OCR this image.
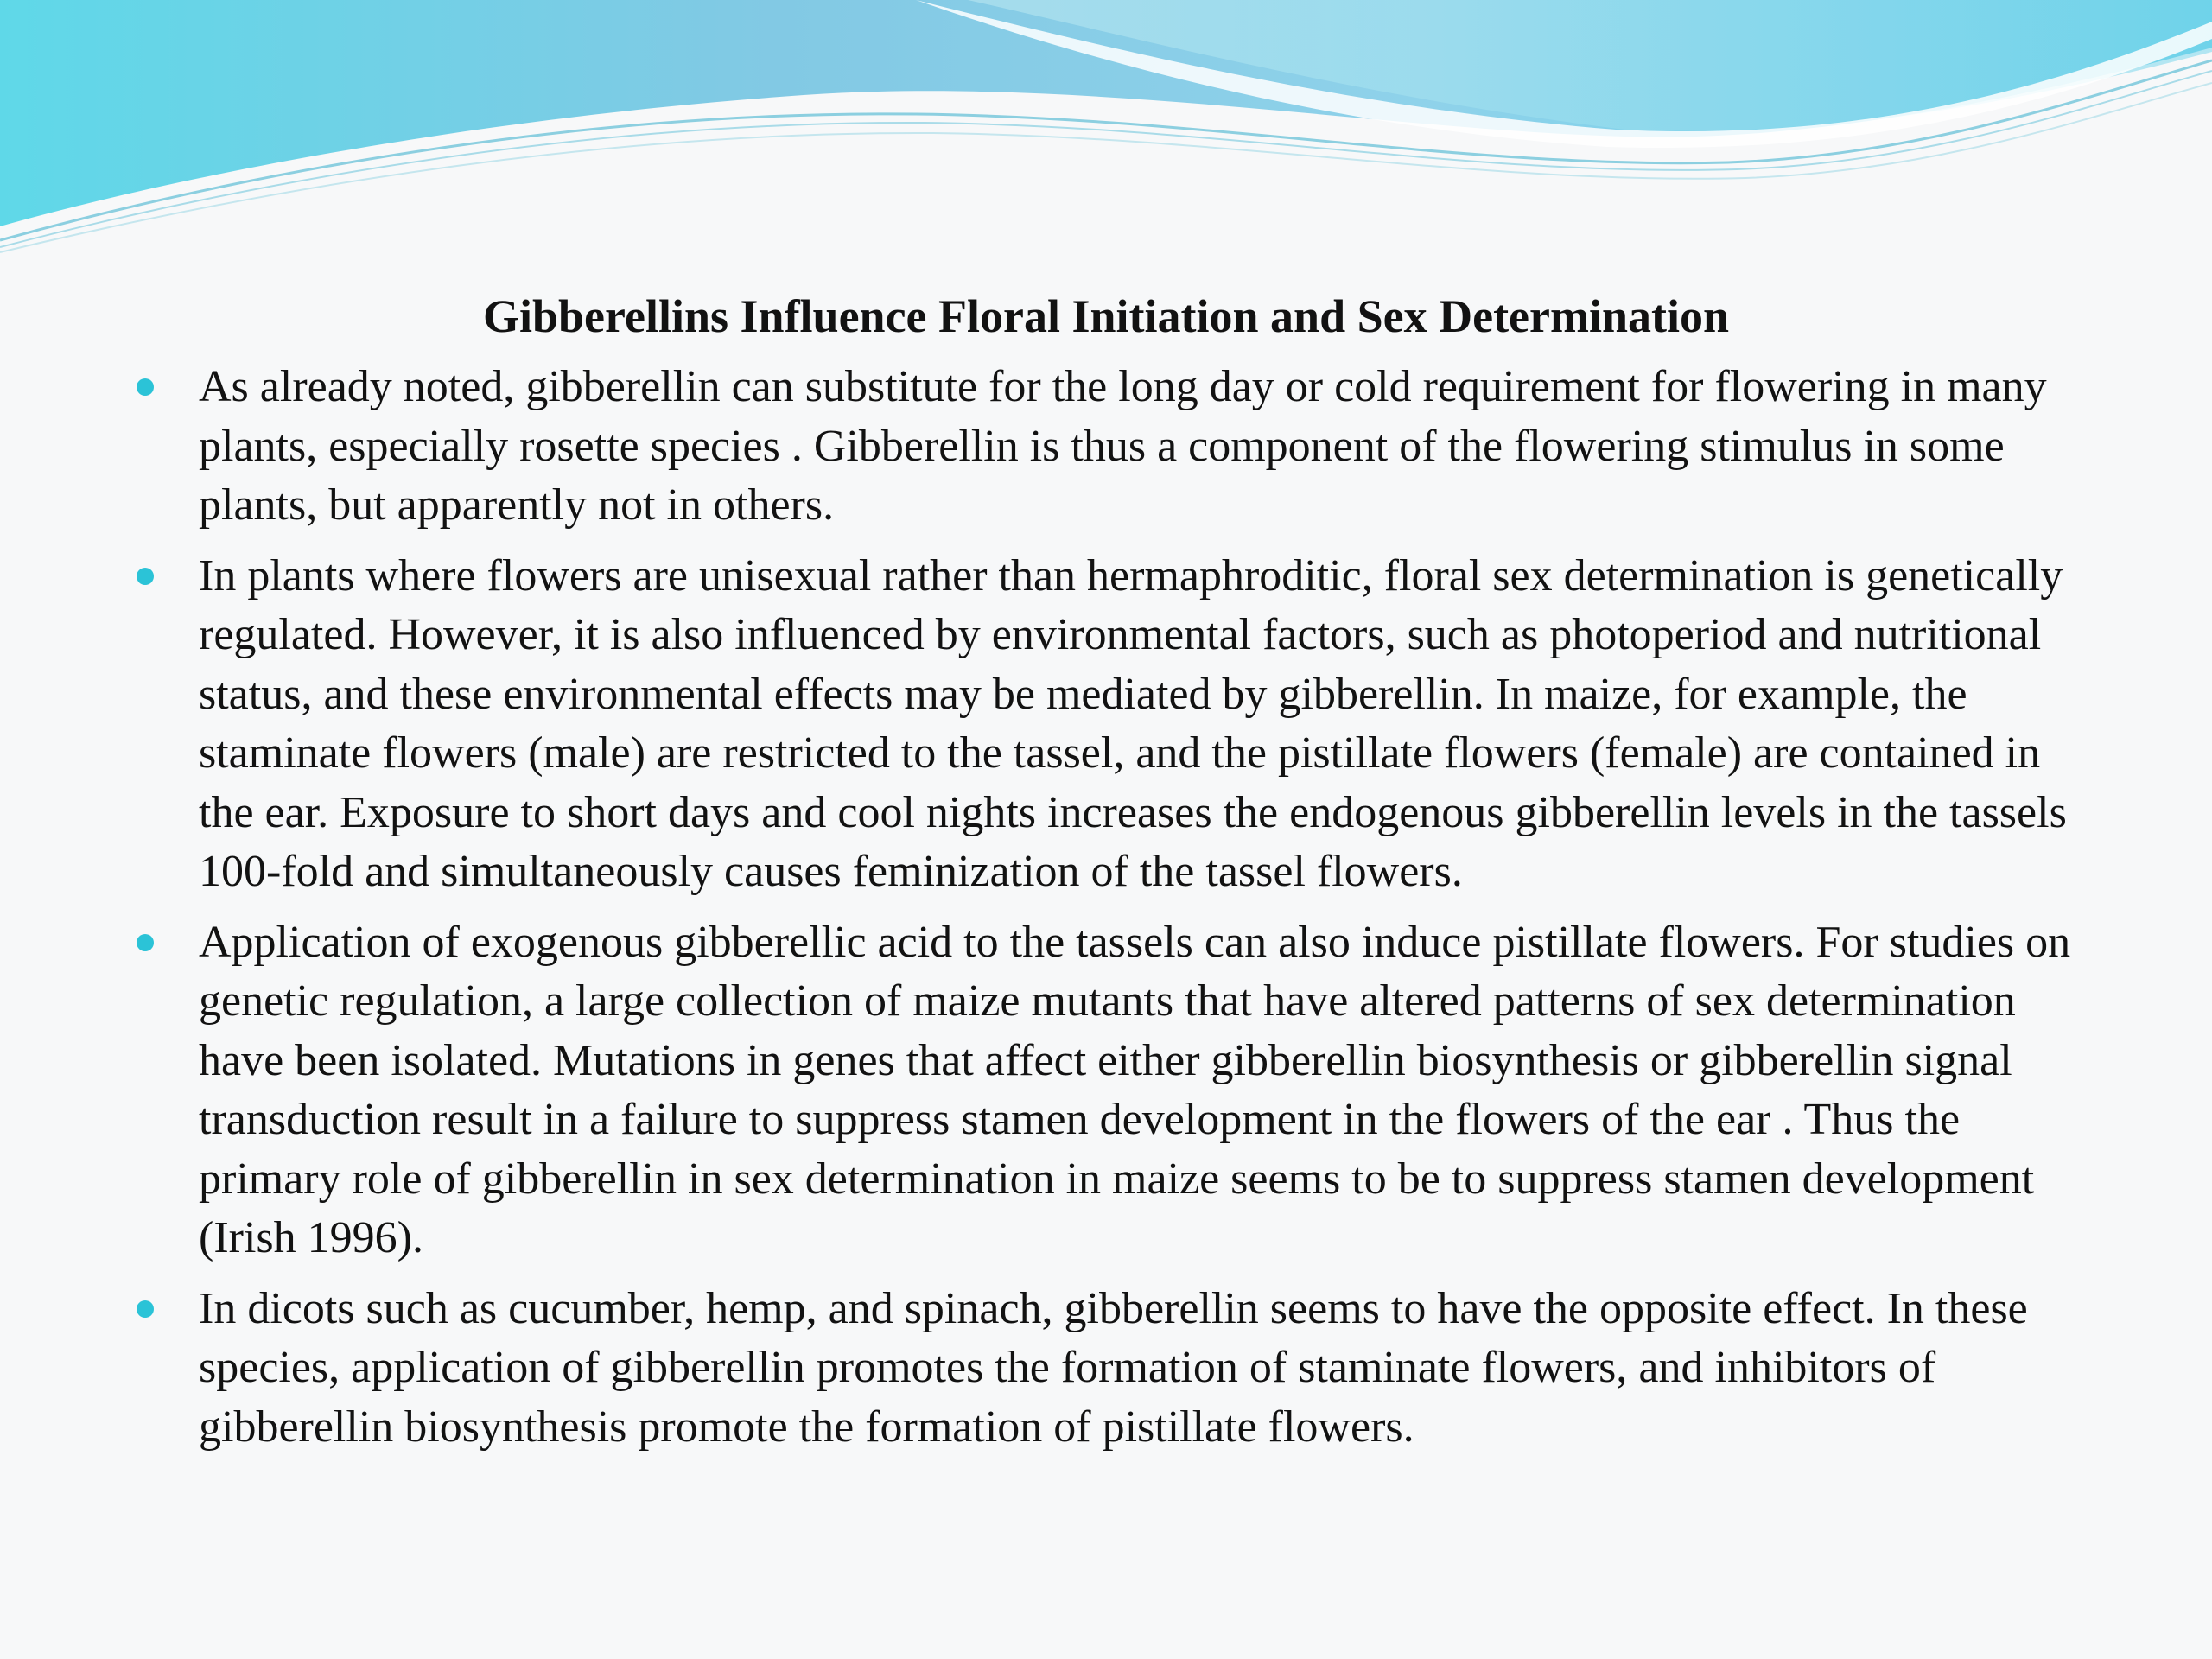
Gibberellins Influence Floral Initiation and Sex Determination
As already noted, gibberellin can substitute for the long day or cold requirement for flowering in many plants, especially rosette species . Gibberellin is thus a component of the flowering stimulus in some plants, but apparently not in others.
In plants where flowers are unisexual rather than hermaphroditic, floral sex determination is genetically regulated. However, it is also influenced by environmental factors, such as photoperiod and nutritional status, and these environmental effects may be mediated by gibberellin. In maize, for example, the staminate flowers (male) are restricted to the tassel, and the pistillate flowers (female) are contained in the ear. Exposure to short days and cool nights increases the endogenous gibberellin levels in the tassels 100-fold and simultaneously causes feminization of the tassel flowers.
Application of exogenous gibberellic acid to the tassels can also induce pistillate flowers. For studies on genetic regulation, a large collection of maize mutants that have altered patterns of sex determination have been isolated. Mutations in genes that affect either gibberellin biosynthesis or gibberellin signal transduction result in a failure to suppress stamen development in the flowers of the ear . Thus the primary role of gibberellin in sex determination in maize seems to be to suppress stamen development (Irish 1996).
In dicots such as cucumber, hemp, and spinach, gibberellin seems to have the opposite effect. In these species, application of gibberellin promotes the formation of staminate flowers, and inhibitors of gibberellin biosynthesis promote the formation of pistillate flowers.
